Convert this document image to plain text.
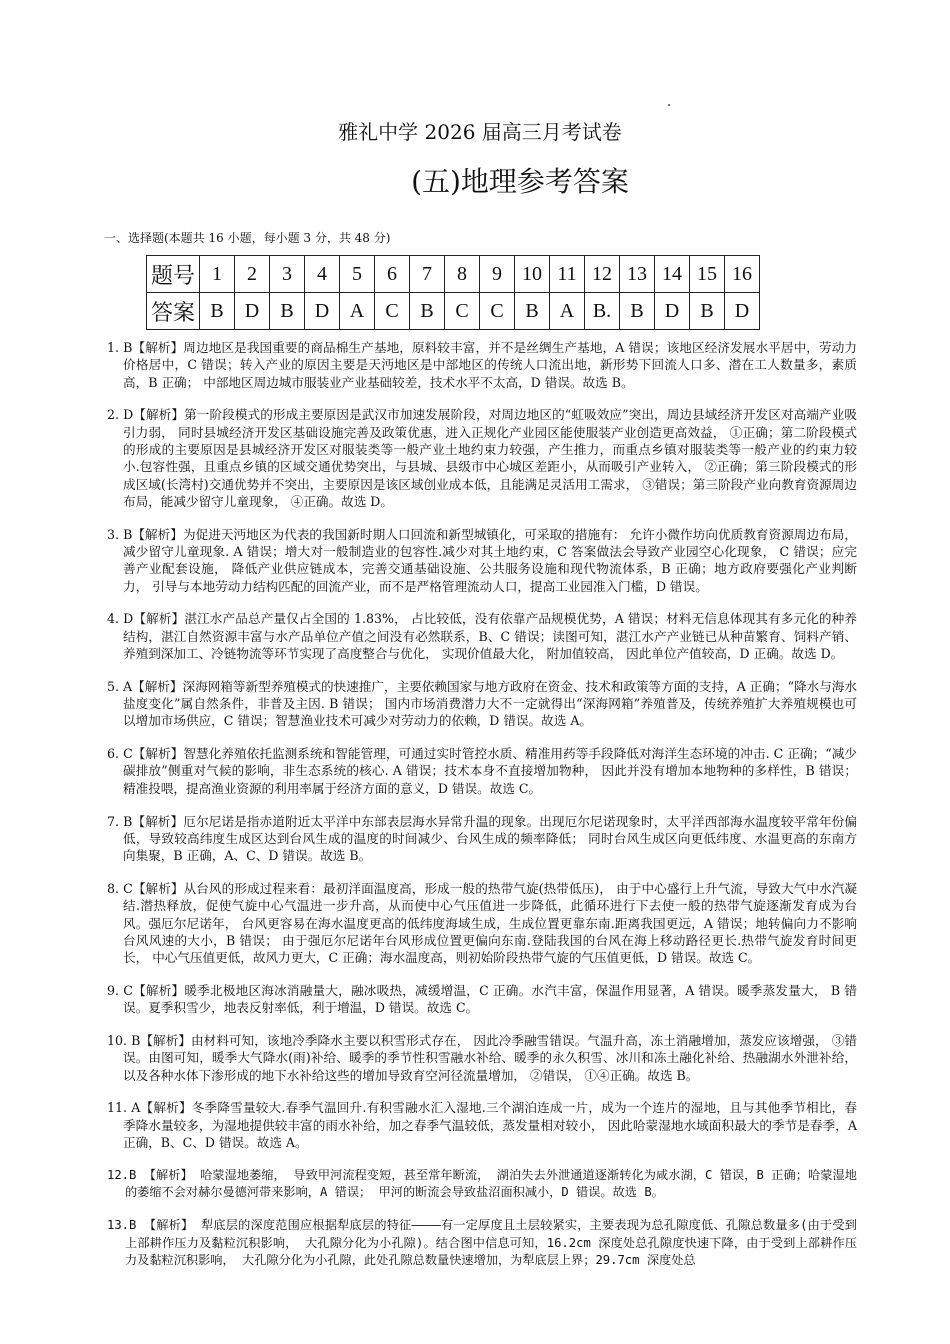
雅礼中学 2026 届高三月考试卷
(五)地理参考答案
一、选择题(本题共 16 小题，每小题 3 分，共 48 分)
题号	1	2	3	4	5	6	7	8	9	10	11	12	13	14	15	16
答案	B	D	B	D	A	C	B	C	C	B	A	B.	B	D	B	D

1. B【解析】周边地区是我国重要的商品棉生产基地，原料较丰富，并不是丝绸生产基地，A 错误；该地区经济发展水平居中，劳动力价格居中，C 错误；转入产业的原因主要是天沔地区是中部地区的传统人口流出地，新形势下回流人口多、潜在工人数量多，素质高，B 正确； 中部地区周边城市服装业产业基础较差，技术水平不太高，D 错误。故选 B。

2. D【解析】第一阶段模式的形成主要原因是武汉市加速发展阶段，对周边地区的“虹吸效应”突出，周边县域经济开发区对高端产业吸引力弱， 同时县城经济开发区基础设施完善及政策优惠，进入正规化产业园区能使服装产业创造更高效益， ①正确；第二阶段模式的形成的主要原因是县城经济开发区对服装类等一般产业土地约束力较强，产生推力，而重点乡镇对服装类等一般产业的约束力较小.包容性强，且重点乡镇的区域交通优势突出，与县城、县级市中心城区差距小，从而吸引产业转入， ②正确；第三阶段模式的形成区域(长湾村)交通优势并不突出，主要原因是该区域创业成本低，且能满足灵活用工需求， ③错误；第三阶段产业向教育资源周边布局，能减少留守儿童现象， ④正确。故选 D。

3. B【解析】为促进天沔地区为代表的我国新时期人口回流和新型城镇化，可采取的措施有： 允许小微作坊向优质教育资源周边布局，减少留守儿童现象. A 错误；增大对一般制造业的包容性.减少对其土地约束，C 答案做法会导致产业园空心化现象， C 错误；应完善产业配套设施， 降低产业供应链成本，完善交通基础设施、公共服务设施和现代物流体系，B 正确；地方政府要强化产业判断力， 引导与本地劳动力结构匹配的回流产业，而不是严格管理流动人口，提高工业园准入门槛，D 错误。

4. D【解析】湛江水产品总产量仅占全国的 1.83%， 占比较低，没有依靠产品规模优势，A 错误；材料无信息体现其有多元化的种养结构，湛江自然资源丰富与水产品单位产值之间没有必然联系，B、C 错误；读图可知，湛江水产产业链已从种苗繁育、饲料产销、养殖到深加工、冷链物流等环节实现了高度整合与优化， 实现价值最大化， 附加值较高， 因此单位产值较高，D 正确。故选 D。

5. A【解析】深海网箱等新型养殖模式的快速推广，主要依赖国家与地方政府在资金、技术和政策等方面的支持，A 正确；“降水与海水盐度变化”属自然条件，非普及主因. B 错误； 国内市场消费潜力大不一定就得出“深海网箱”养殖普及，传统养殖扩大养殖规模也可以增加市场供应，C 错误；智慧渔业技术可减少对劳动力的依赖，D 错误。故选 A。

6. C【解析】智慧化养殖依托监测系统和智能管理，可通过实时管控水质、精准用药等手段降低对海洋生态环境的冲击. C 正确；“减少碳排放”侧重对气候的影响，非生态系统的核心. A 错误；技术本身不直接增加物种， 因此并没有增加本地物种的多样性，B 错误；精准投喂，提高渔业资源的利用率属于经济方面的意义，D 错误。故选 C。

7. B【解析】厄尔尼诺是指赤道附近太平洋中东部表层海水异常升温的现象。出现厄尔尼诺现象时，太平洋西部海水温度较平常年份偏低，导致较高纬度生成区达到台风生成的温度的时间减少、台风生成的频率降低； 同时台风生成区向更低纬度、水温更高的东南方向集聚，B 正确，A、C、D 错误。故选 B。

8. C【解析】从台风的形成过程来看：最初洋面温度高，形成一般的热带气旋(热带低压)， 由于中心盛行上升气流，导致大气中水汽凝结.潜热释放，促使气旋中心气温进一步升高，从而使中心气压值进一步降低，此循环进行下去使一般的热带气旋逐渐发育成为台风。强厄尔尼诺年， 台风更容易在海水温度更高的低纬度海域生成，生成位置更靠东南.距离我国更远，A 错误；地转偏向力不影响台风风速的大小，B 错误； 由于强厄尔尼诺年台风形成位置更偏向东南.登陆我国的台风在海上移动路径更长.热带气旋发育时间更长， 中心气压值更低，故风力更大，C 正确；海水温度高，则初始阶段热带气旋的气压值更低，D 错误。故选 C。

9. C【解析】暖季北极地区海冰消融量大，融冰吸热，减缓增温，C 正确。水汽丰富，保温作用显著，A 错误。暖季蒸发量大， B 错误。夏季积雪少，地表反射率低，利于增温，D 错误。故选 C。

10. B【解析】由材料可知，该地冷季降水主要以积雪形式存在， 因此冷季融雪错误。气温升高，冻土消融增加，蒸发应该增强， ③错误。由图可知，暖季大气降水(雨)补给、暖季的季节性积雪融水补给、暖季的永久积雪、冰川和冻土融化补给、热融湖水外泄补给， 以及各种水体下渗形成的地下水补给这些的增加导致育空河径流量增加， ②错误， ①④正确。故选 B。

11. A【解析】冬季降雪量较大.春季气温回升.有积雪融水汇入湿地.三个湖泊连成一片，成为一个连片的湿地，且与其他季节相比，春季降水量较多，为湿地提供较丰富的雨水补给，加之春季气温较低，蒸发量相对较小， 因此哈蒙湿地水域面积最大的季节是春季，A 正确，B、C、D 错误。故选 A。

12.B 【解析】 哈蒙湿地萎缩， 导致甲河流程变短，甚至常年断流， 湖泊失去外泄通道逐渐转化为咸水湖，C 错误，B 正确；哈蒙湿地的萎缩不会对赫尔曼德河带来影响，A 错误； 甲河的断流会导致盐沼面积减小，D 错误。故选 B。

13.B 【解析】 犁底层的深度范围应根据犁底层的特征————有一定厚度且土层较紧实，主要表现为总孔隙度低、孔隙总数量多(由于受到上部耕作压力及黏粒沉积影响， 大孔隙分化为小孔隙)。结合图中信息可知，16.2cm 深度处总孔隙度快速下降，由于受到上部耕作压力及黏粒沉积影响， 大孔隙分化为小孔隙，此处孔隙总数量快速增加，为犁底层上界；29.7cm 深度处总
